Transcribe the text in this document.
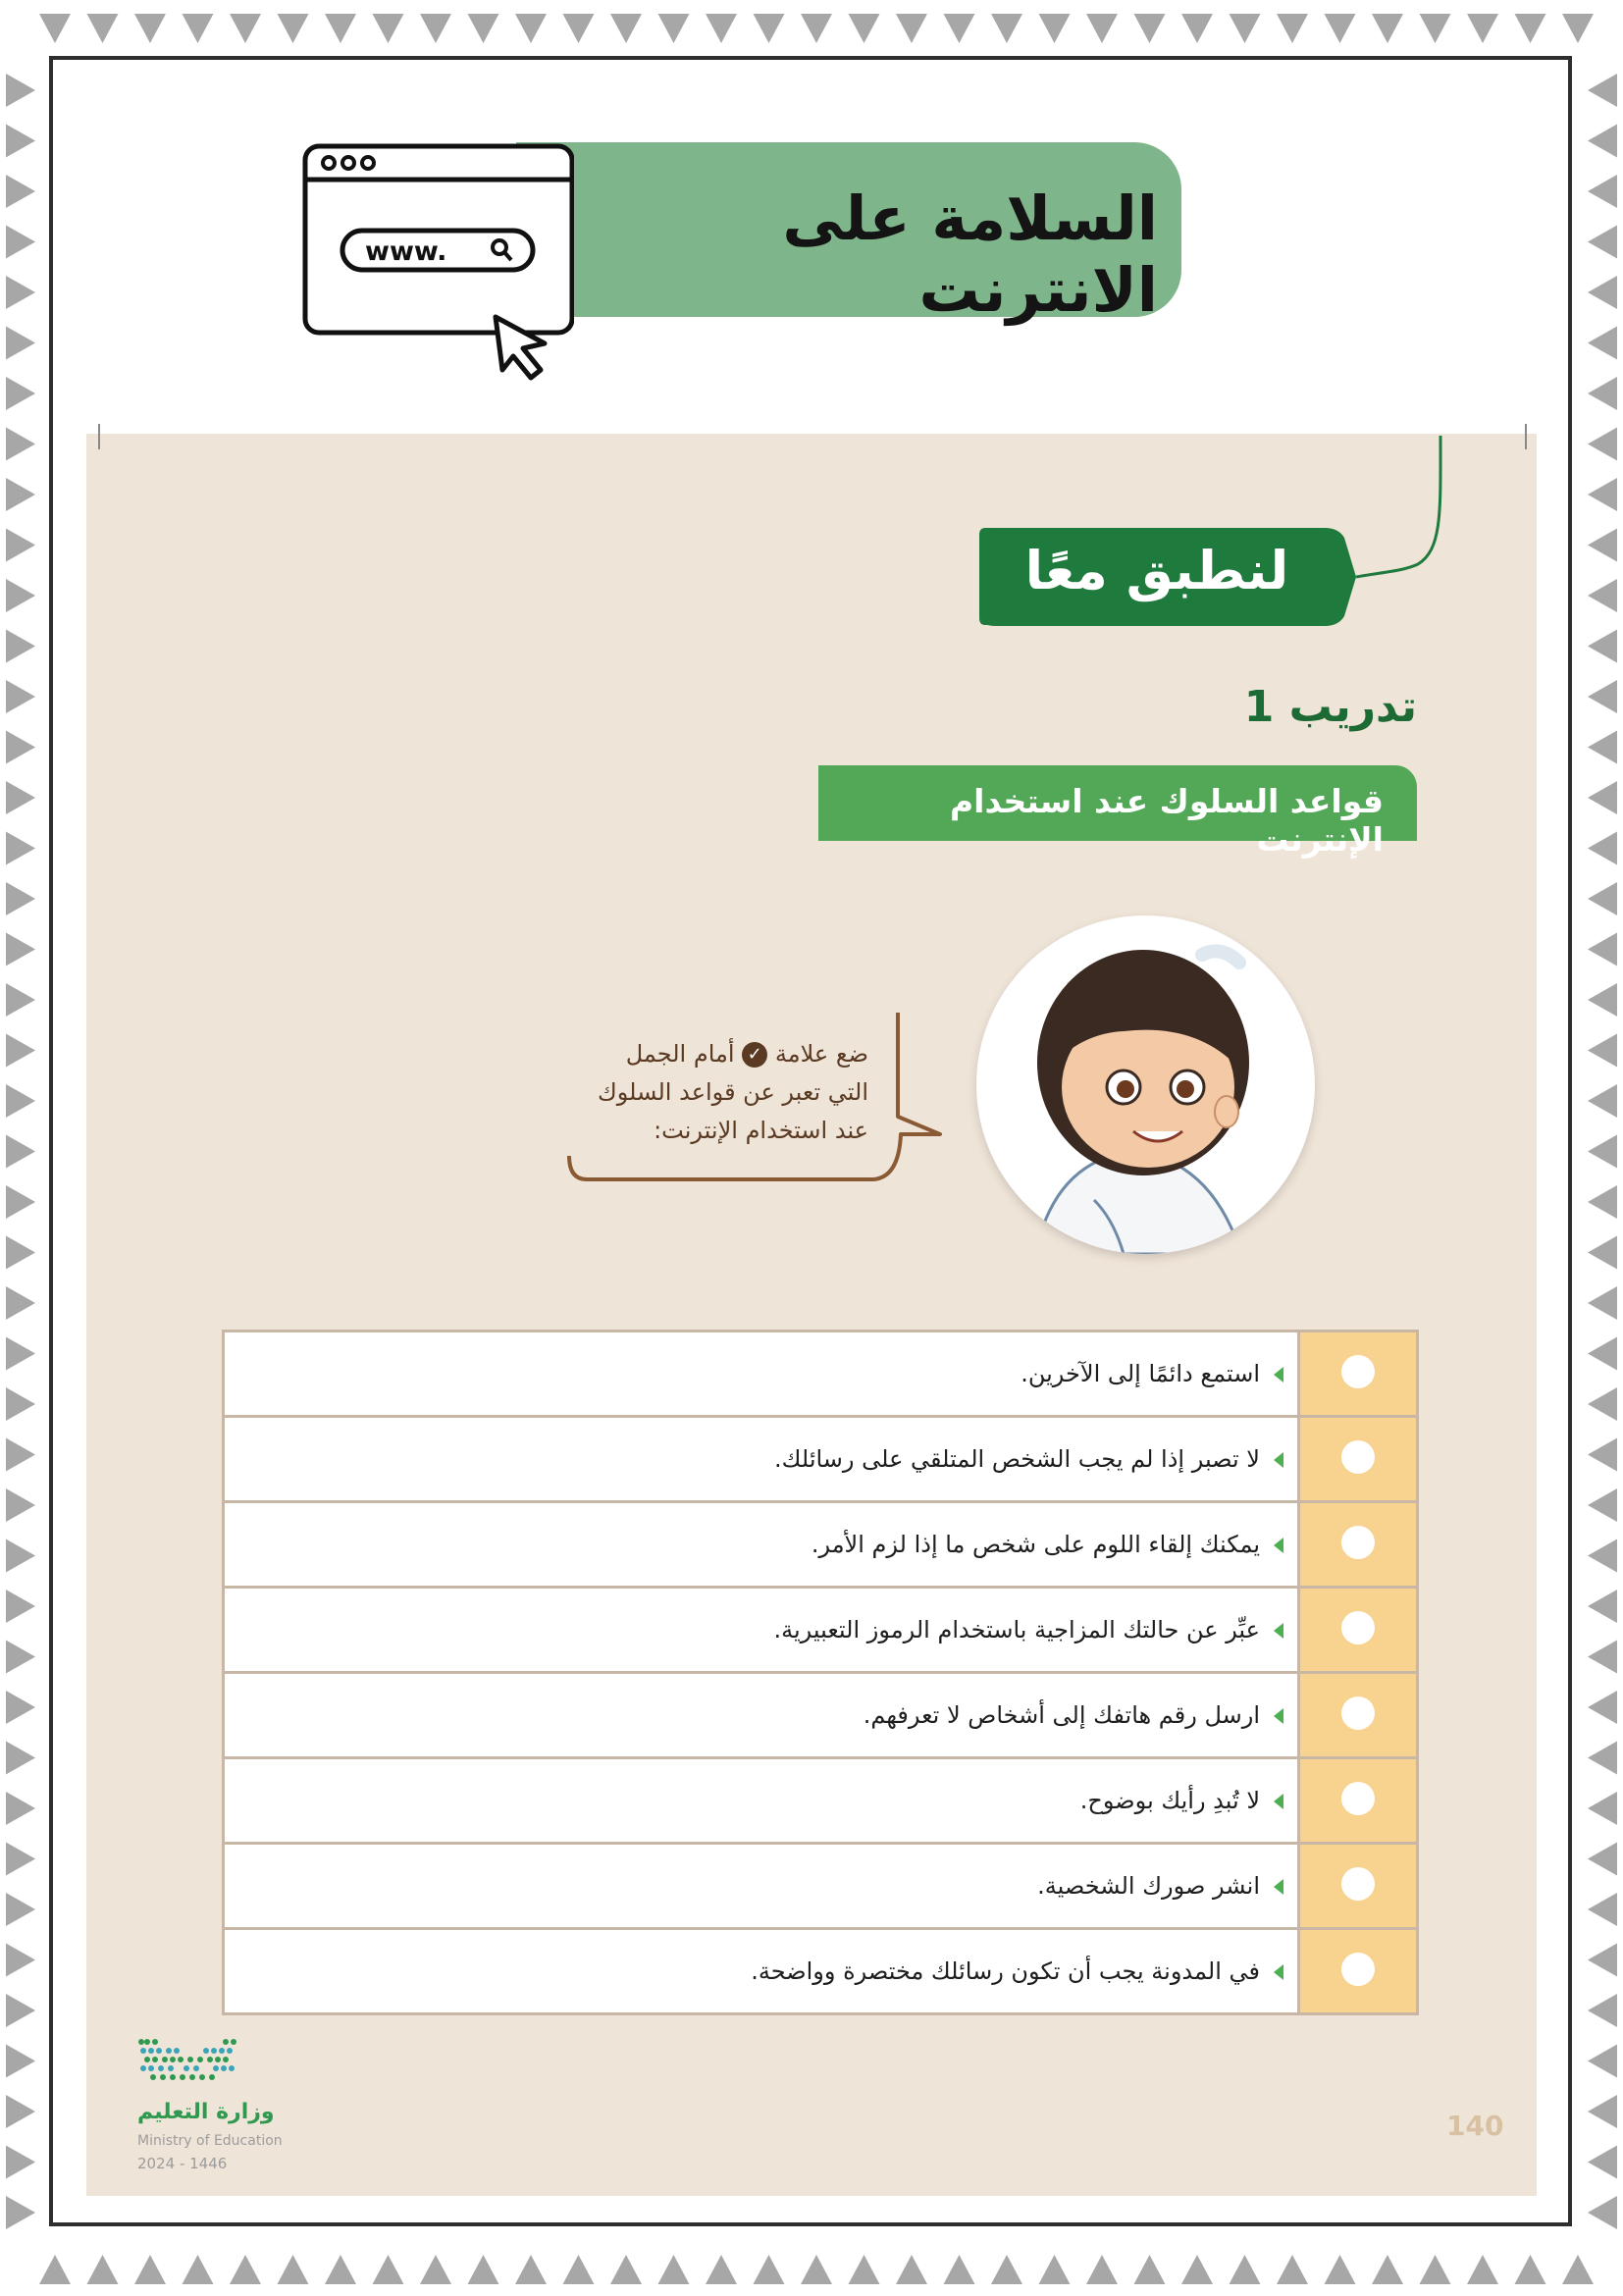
السلامة على الانترنت
www.
لنطبق معًا
تدريب 1
قواعد السلوك عند استخدام الإنترنت
ضع علامة ✓ أمام الجمل
التي تعبر عن قواعد السلوك
عند استخدام الإنترنت:
استمع دائمًا إلى الآخرين.	
لا تصبر إذا لم يجب الشخص المتلقي على رسائلك.	
يمكنك إلقاء اللوم على شخص ما إذا لزم الأمر.	
عبِّر عن حالتك المزاجية باستخدام الرموز التعبيرية.	
ارسل رقم هاتفك إلى أشخاص لا تعرفهم.	
لا تُبدِ رأيك بوضوح.	
انشر صورك الشخصية.	
في المدونة يجب أن تكون رسائلك مختصرة وواضحة.	
وزارة التعليم
Ministry of Education
2024 - 1446
140
